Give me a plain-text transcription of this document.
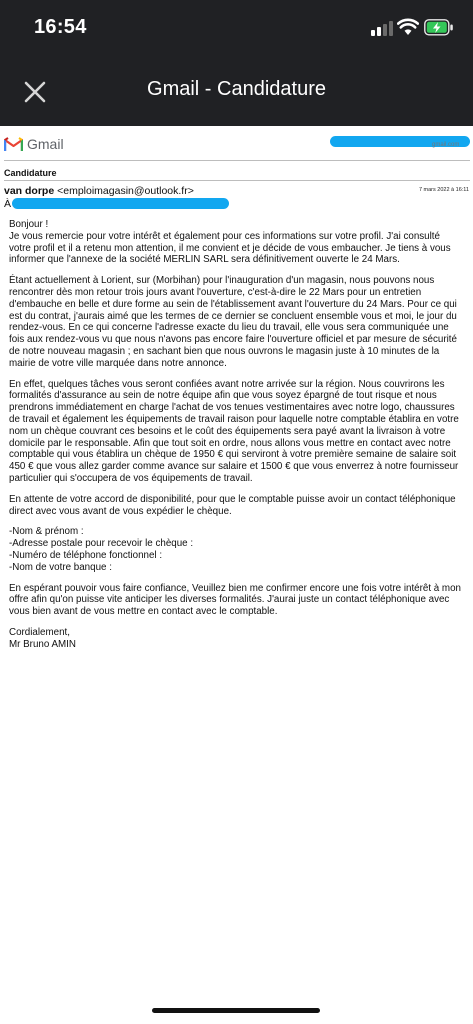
16:54
Gmail - Candidature
Gmail	gmail.com
Candidature
van dorpe <emploimagasin@outlook.fr>	7 mars 2022 à 16:11
À

Bonjour !
Je vous remercie pour votre intérêt et également pour ces informations sur votre profil. J'ai consulté votre profil et il a retenu mon attention, il me convient et je décide de vous embaucher. Je tiens à vous informer que l'annexe de la société MERLIN SARL sera définitivement ouverte le 24 Mars.

Étant actuellement à Lorient, sur (Morbihan) pour l'inauguration d'un magasin, nous pouvons nous rencontrer dès mon retour trois jours avant l'ouverture, c'est-à-dire le 22 Mars pour un entretien d'embauche en belle et dure forme au sein de l'établissement avant l'ouverture du 24 Mars. Pour ce qui est du contrat, j'aurais aimé que les termes de ce dernier se concluent ensemble vous et moi, le jour du rendez-vous. En ce qui concerne l'adresse exacte du lieu du travail, elle vous sera communiquée une fois aux rendez-vous vu que nous n'avons pas encore faire l'ouverture officiel et par mesure de sécurité de notre nouveau magasin ; en sachant bien que nous ouvrons le magasin juste à 10 minutes de la mairie de votre ville marquée dans notre annonce.

En effet, quelques tâches vous seront confiées avant notre arrivée sur la région. Nous couvrirons les formalités d'assurance au sein de notre équipe afin que vous soyez épargné de tout risque et nous prendrons immédiatement en charge l'achat de vos tenues vestimentaires avec notre logo, chaussures de travail et également les équipements de travail raison pour laquelle notre comptable établira en votre nom un chèque couvrant ces besoins et le coût des équipements sera payé avant la livraison à votre domicile par le responsable. Afin que tout soit en ordre, nous allons vous mettre en contact avec notre comptable qui vous établira un chèque de 1950 € qui serviront à votre première semaine de salaire soit 450 € que vous allez garder comme avance sur salaire et 1500 € que vous enverrez à notre fournisseur particulier qui s'occupera de vos équipements de travail.

En attente de votre accord de disponibilité, pour que le comptable puisse avoir un contact téléphonique direct avec vous avant de vous expédier le chèque.

-Nom & prénom :
-Adresse postale pour recevoir le chèque :
-Numéro de téléphone fonctionnel :
-Nom de votre banque :

En espérant pouvoir vous faire confiance, Veuillez bien me confirmer encore une fois votre intérêt à mon offre afin qu'on puisse vite anticiper les diverses formalités. J'aurai juste un contact téléphonique avec vous bien avant de vous mettre en contact avec le comptable.

Cordialement,
Mr Bruno AMIN
